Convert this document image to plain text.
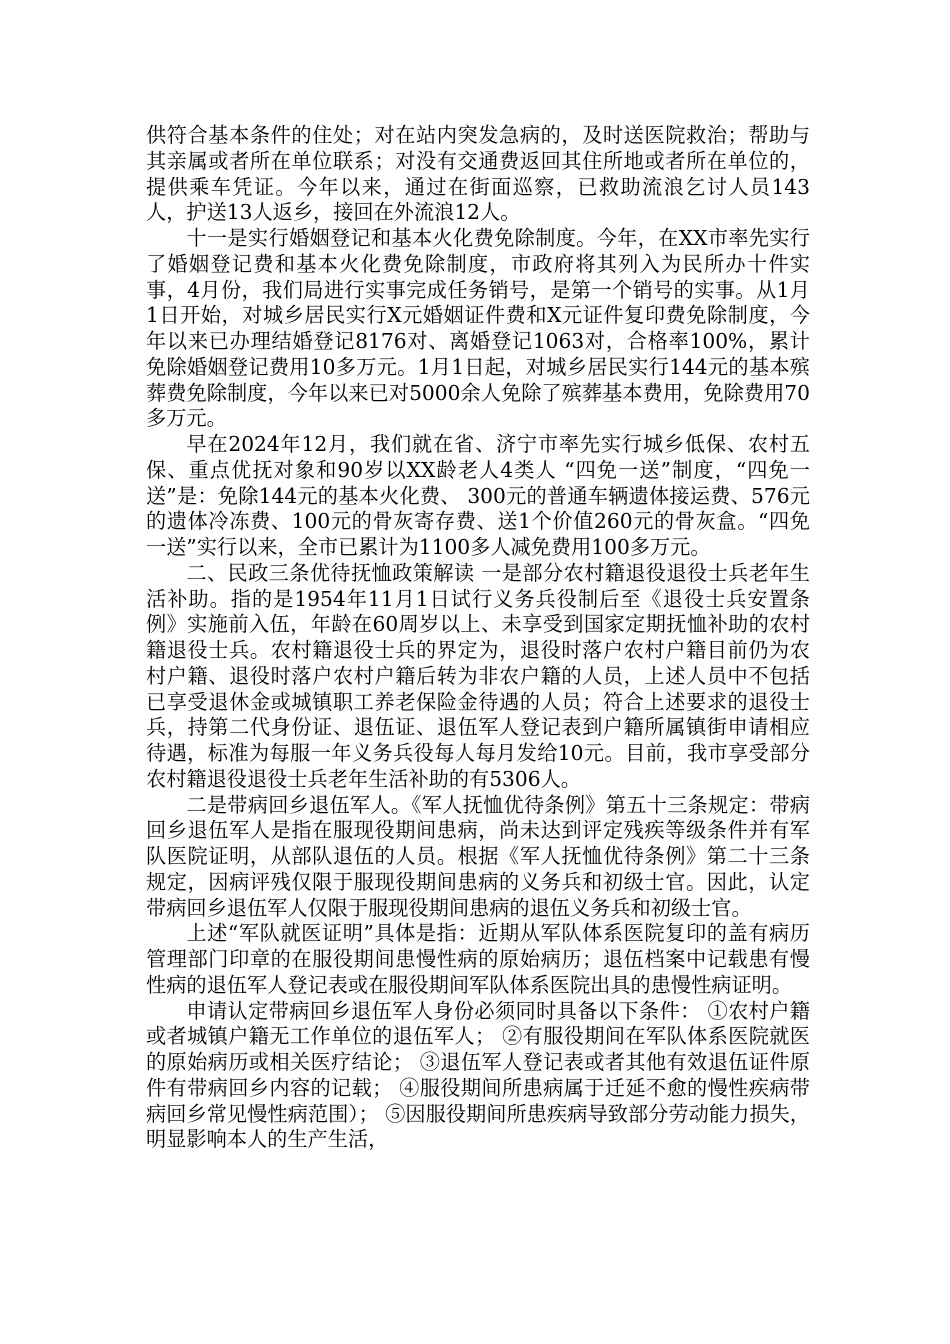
供符合基本条件的住处；对在站内突发急病的，及时送医院救治；帮助与其亲属或者所在单位联系；对没有交通费返回其住所地或者所在单位的，提供乘车凭证。今年以来，通过在街面巡察，已救助流浪乞讨人员143人，护送13人返乡，接回在外流浪12人。

十一是实行婚姻登记和基本火化费免除制度。今年，在XX市率先实行了婚姻登记费和基本火化费免除制度，市政府将其列入为民所办十件实事，4月份，我们局进行实事完成任务销号，是第一个销号的实事。从1月1日开始，对城乡居民实行X元婚姻证件费和X元证件复印费免除制度，今年以来已办理结婚登记8176对、离婚登记1063对，合格率100%，累计免除婚姻登记费用10多万元。1月1日起，对城乡居民实行144元的基本殡葬费免除制度，今年以来已对5000余人免除了殡葬基本费用，免除费用70多万元。

早在2024年12月，我们就在省、济宁市率先实行城乡低保、农村五保、重点优抚对象和90岁以XX龄老人4类人 “四免一送”制度，“四免一送”是：免除144元的基本火化费、 300元的普通车辆遗体接运费、576元的遗体冷冻费、100元的骨灰寄存费、送1个价值260元的骨灰盒。“四免一送”实行以来，全市已累计为1100多人减免费用100多万元。

二、民政三条优待抚恤政策解读 一是部分农村籍退役退役士兵老年生活补助。指的是1954年11月1日试行义务兵役制后至《退役士兵安置条例》实施前入伍，年龄在60周岁以上、未享受到国家定期抚恤补助的农村籍退役士兵。农村籍退役士兵的界定为，退役时落户农村户籍目前仍为农村户籍、退役时落户农村户籍后转为非农户籍的人员，上述人员中不包括已享受退休金或城镇职工养老保险金待遇的人员；符合上述要求的退役士兵，持第二代身份证、退伍证、退伍军人登记表到户籍所属镇街申请相应待遇，标准为每服一年义务兵役每人每月发给10元。目前，我市享受部分农村籍退役退役士兵老年生活补助的有5306人。

二是带病回乡退伍军人。《军人抚恤优待条例》第五十三条规定：带病回乡退伍军人是指在服现役期间患病，尚未达到评定残疾等级条件并有军队医院证明，从部队退伍的人员。根据《军人抚恤优待条例》第二十三条规定，因病评残仅限于服现役期间患病的义务兵和初级士官。因此，认定带病回乡退伍军人仅限于服现役期间患病的退伍义务兵和初级士官。

上述“军队就医证明”具体是指：近期从军队体系医院复印的盖有病历管理部门印章的在服役期间患慢性病的原始病历；退伍档案中记载患有慢性病的退伍军人登记表或在服役期间军队体系医院出具的患慢性病证明。

申请认定带病回乡退伍军人身份必须同时具备以下条件： ①农村户籍或者城镇户籍无工作单位的退伍军人； ②有服役期间在军队体系医院就医的原始病历或相关医疗结论； ③退伍军人登记表或者其他有效退伍证件原件有带病回乡内容的记载； ④服役期间所患病属于迁延不愈的慢性疾病带病回乡常见慢性病范围）； ⑤因服役期间所患疾病导致部分劳动能力损失，明显影响本人的生产生活，
